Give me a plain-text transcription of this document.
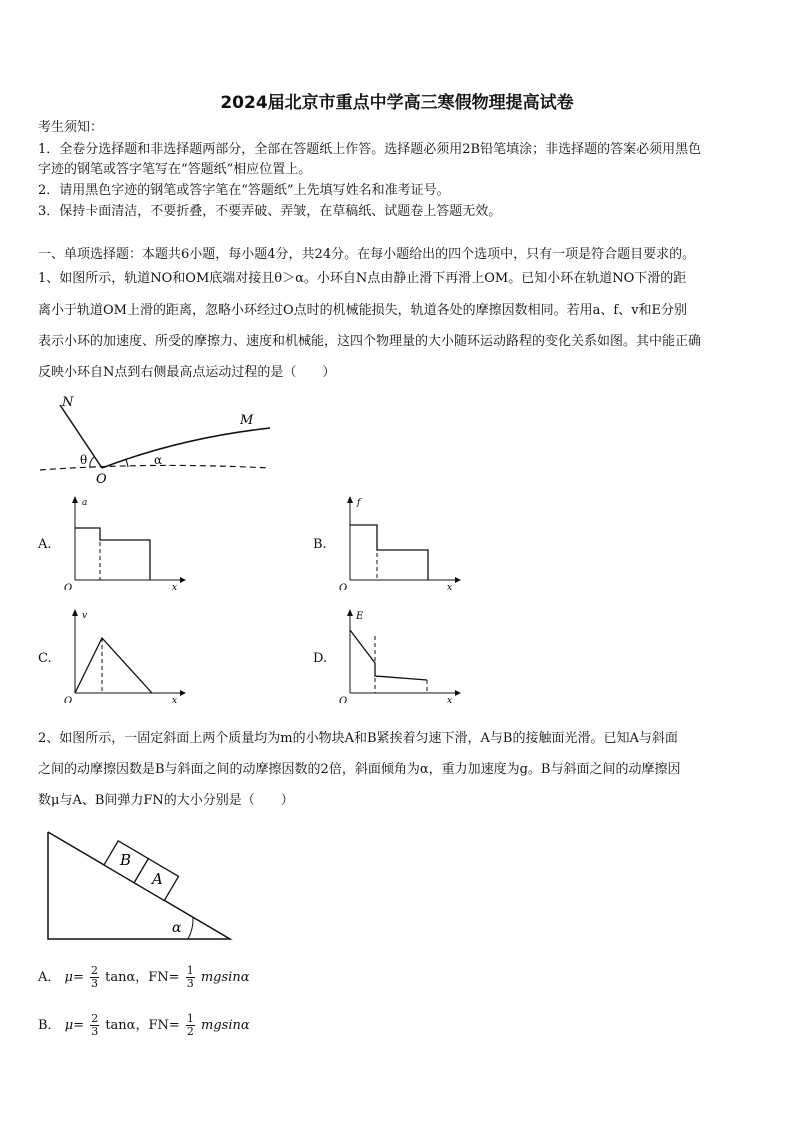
2024届北京市重点中学高三寒假物理提高试卷
考生须知：
1．全卷分选择题和非选择题两部分，全部在答题纸上作答。选择题必须用2B铅笔填涂；非选择题的答案必须用黑色
字迹的钢笔或答字笔写在“答题纸”相应位置上。
2．请用黑色字迹的钢笔或答字笔在“答题纸”上先填写姓名和准考证号。
3．保持卡面清洁，不要折叠，不要弄破、弄皱，在草稿纸、试题卷上答题无效。
一、单项选择题：本题共6小题，每小题4分，共24分。在每小题给出的四个选项中，只有一项是符合题目要求的。
1、如图所示，轨道NO和OM底端对接且θ＞α。小环自N点由静止滑下再滑上OM。已知小环在轨道NO下滑的距
离小于轨道OM上滑的距离，忽略小环经过O点时的机械能损失，轨道各处的摩擦因数相同。若用a、f、v和E分别
表示小环的加速度、所受的摩擦力、速度和机械能，这四个物理量的大小随环运动路程的变化关系如图。其中能正确
反映小环自N点到右侧最高点运动过程的是（　　）
N
M
O
θ	α
A.
a
x
O
B.
f
x
O
C.
v
x
O
D.
E
x
O
2、如图所示，一固定斜面上两个质量均为m的小物块A和B紧挨着匀速下滑，A与B的接触面光滑。已知A与斜面
之间的动摩擦因数是B与斜面之间的动摩擦因数的2倍，斜面倾角为α，重力加速度为g。B与斜面之间的动摩擦因
数μ与A、B间弹力FN的大小分别是（　　）
B
A
α
A． $\mu= \frac{2}{3}$ tanα，$FN= \frac{1}{3}$ mgsinα
B． $\mu= \frac{2}{3}$ tanα，$FN= \frac{1}{2}$ mgsinα
